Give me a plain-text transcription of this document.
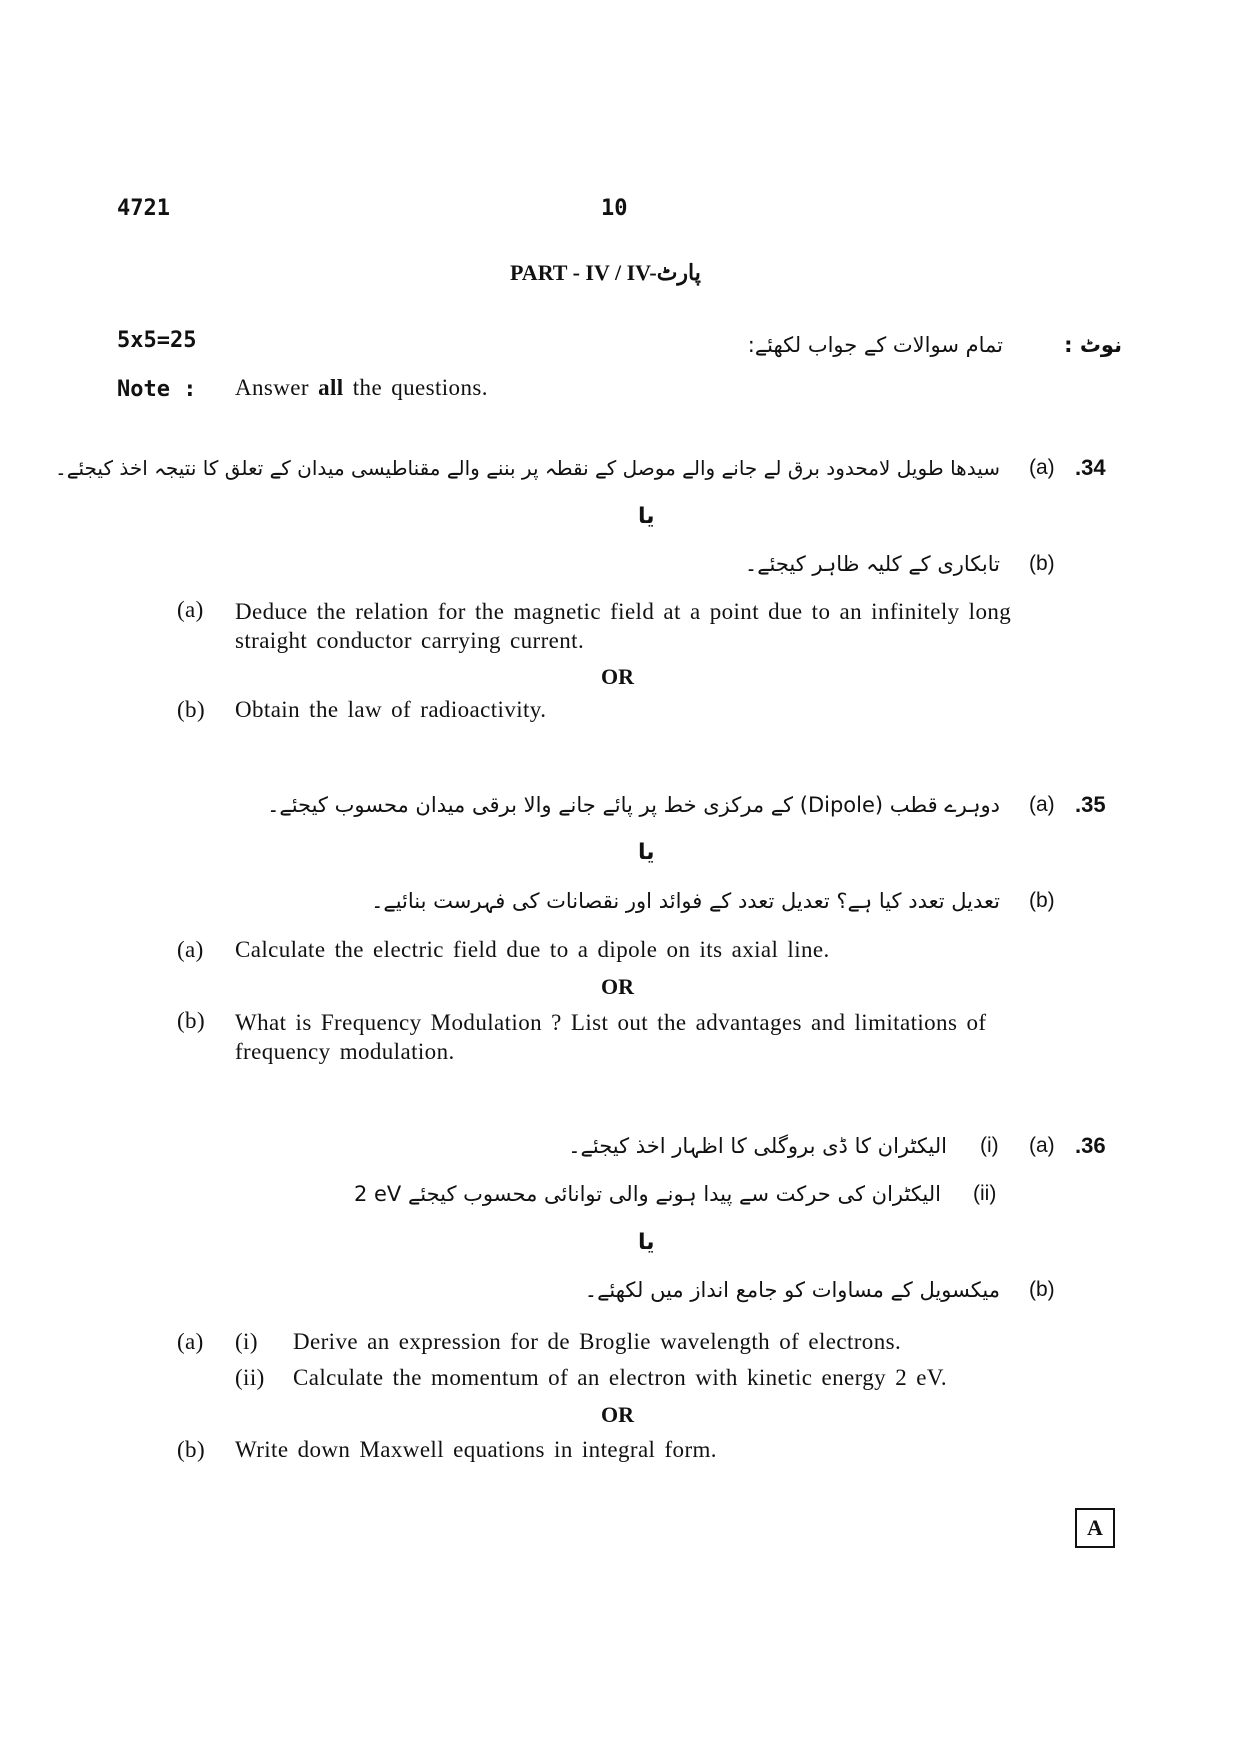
4721	10
PART - IV / IV-پارٹ
5x5=25	نوٹ :
تمام سوالات کے جواب لکھئے:
Note : Answer all the questions.
.34
(a)
سیدھا طویل لامحدود برق لے جانے والے موصل کے نقطہ پر بننے والے مقناطیسی میدان کے تعلق کا نتیجہ اخذ کیجئے۔
یا
(b)
تابکاری کے کلیہ ظاہر کیجئے۔
(a) Deduce the relation for the magnetic field at a point due to an infinitely long straight conductor carrying current.
OR
(b) Obtain the law of radioactivity.
.35
(a)
دوہرے قطب (Dipole) کے مرکزی خط پر پائے جانے والا برقی میدان محسوب کیجئے۔
یا
(b)
تعدیل تعدد کیا ہے؟ تعدیل تعدد کے فوائد اور نقصانات کی فہرست بنائیے۔
(a) Calculate the electric field due to a dipole on its axial line.
OR
(b) What is Frequency Modulation ? List out the advantages and limitations of frequency modulation.
.36
(a)
(i)
الیکٹران کا ڈی بروگلی کا اظہار اخذ کیجئے۔
(ii)
2 eV الیکٹران کی حرکت سے پیدا ہونے والی توانائی محسوب کیجئے
یا
(b)
میکسویل کے مساوات کو جامع انداز میں لکھئے۔
(a) (i) Derive an expression for de Broglie wavelength of electrons.
(ii) Calculate the momentum of an electron with kinetic energy 2 eV.
OR
(b) Write down Maxwell equations in integral form.
A
